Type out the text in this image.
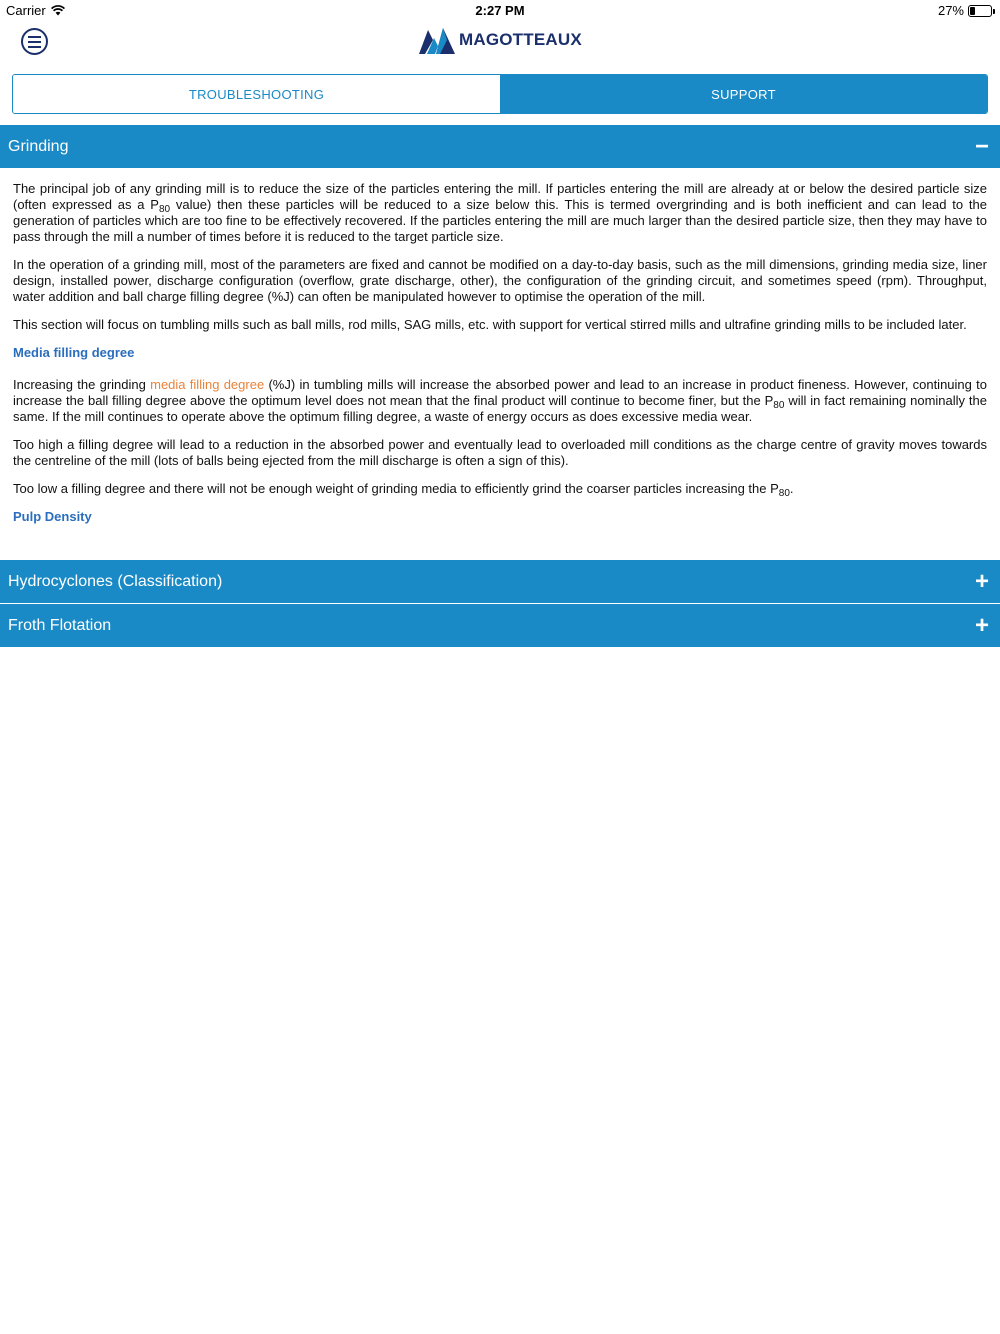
Carrier	2:27 PM	27%
MAGOTTEAUX
TROUBLESHOOTING	SUPPORT
Grinding	−

The principal job of any grinding mill is to reduce the size of the particles entering the mill. If particles entering the mill are already at or below the desired particle size (often expressed as a $P_{80}$ value) then these particles will be reduced to a size below this. This is termed overgrinding and is both inefficient and can lead to the generation of particles which are too fine to be effectively recovered. If the particles entering the mill are much larger than the desired particle size, then they may have to pass through the mill a number of times before it is reduced to the target particle size.

In the operation of a grinding mill, most of the parameters are fixed and cannot be modified on a day-to-day basis, such as the mill dimensions, grinding media size, liner design, installed power, discharge configuration (overflow, grate discharge, other), the configuration of the grinding circuit, and sometimes speed (rpm). Throughput, water addition and ball charge filling degree (%J) can often be manipulated however to optimise the operation of the mill.

This section will focus on tumbling mills such as ball mills, rod mills, SAG mills, etc. with support for vertical stirred mills and ultrafine grinding mills to be included later.

Media filling degree

Increasing the grinding media filling degree (%J) in tumbling mills will increase the absorbed power and lead to an increase in product fineness. However, continuing to increase the ball filling degree above the optimum level does not mean that the final product will continue to become finer, but the $P_{80}$ will in fact remaining nominally the same. If the mill continues to operate above the optimum filling degree, a waste of energy occurs as does excessive media wear.

Too high a filling degree will lead to a reduction in the absorbed power and eventually lead to overloaded mill conditions as the charge centre of gravity moves towards the centreline of the mill (lots of balls being ejected from the mill discharge is often a sign of this).

Too low a filling degree and there will not be enough weight of grinding media to efficiently grind the coarser particles increasing the $P_{80}$.

Pulp Density
Hydrocyclones (Classification)	+
Froth Flotation	+
